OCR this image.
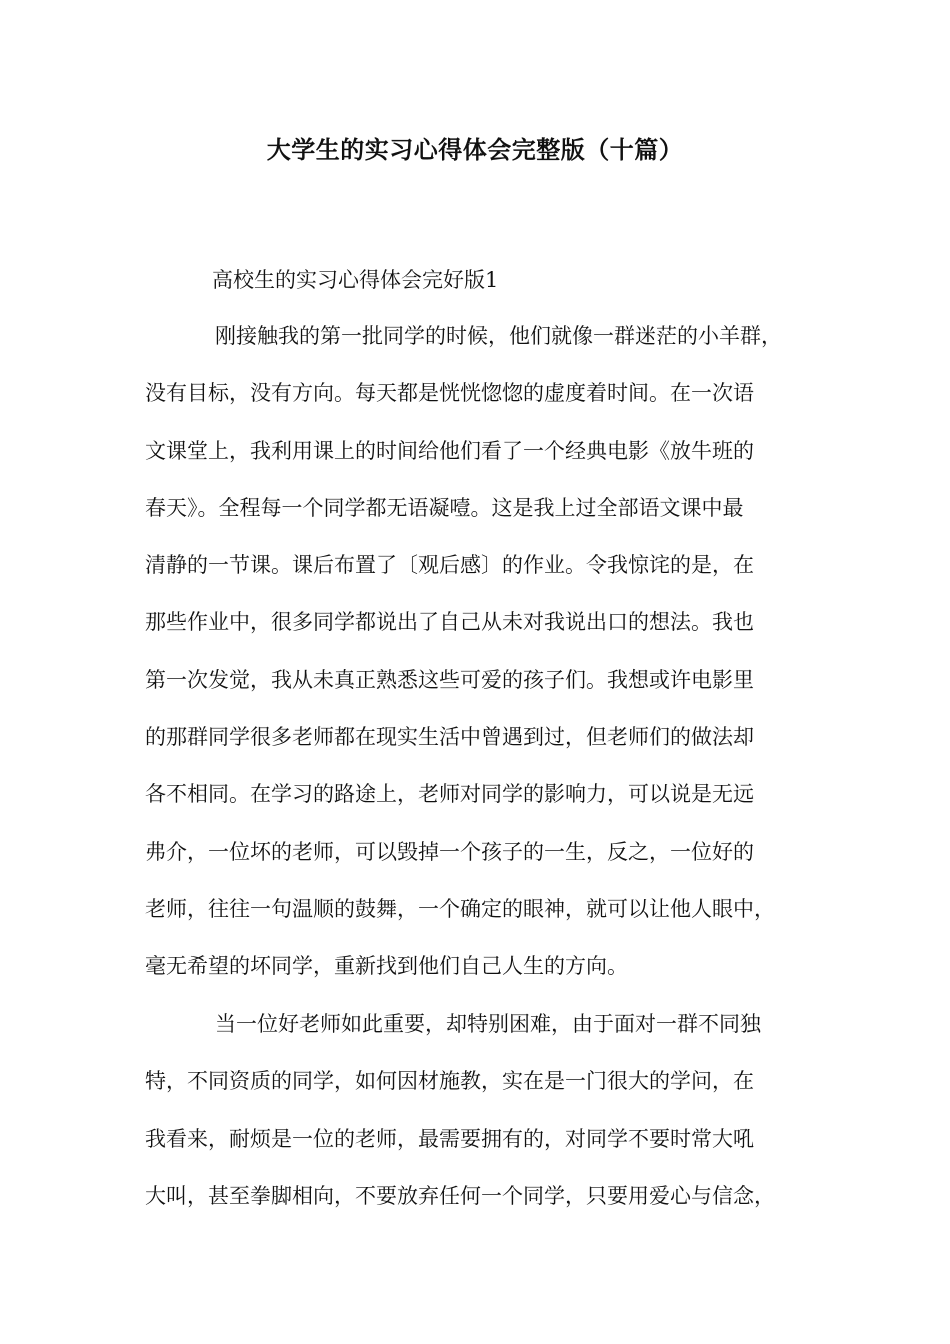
大学生的实习心得体会完整版（十篇）
高校生的实习心得体会完好版1
刚接触我的第一批同学的时候，他们就像一群迷茫的小羊群，
没有目标，没有方向。每天都是恍恍惚惚的虚度着时间。在一次语
文课堂上，我利用课上的时间给他们看了一个经典电影《放牛班的
春天》。全程每一个同学都无语凝噎。这是我上过全部语文课中最
清静的一节课。课后布置了〔观后感〕的作业。令我惊诧的是，在
那些作业中，很多同学都说出了自己从未对我说出口的想法。我也
第一次发觉，我从未真正熟悉这些可爱的孩子们。我想或许电影里
的那群同学很多老师都在现实生活中曾遇到过，但老师们的做法却
各不相同。在学习的路途上，老师对同学的影响力，可以说是无远
弗介，一位坏的老师，可以毁掉一个孩子的一生，反之，一位好的
老师，往往一句温顺的鼓舞，一个确定的眼神，就可以让他人眼中，
毫无希望的坏同学，重新找到他们自己人生的方向。
当一位好老师如此重要，却特别困难，由于面对一群不同独
特，不同资质的同学，如何因材施教，实在是一门很大的学问，在
我看来，耐烦是一位的老师，最需要拥有的，对同学不要时常大吼
大叫，甚至拳脚相向，不要放弃任何一个同学，只要用爱心与信念，
